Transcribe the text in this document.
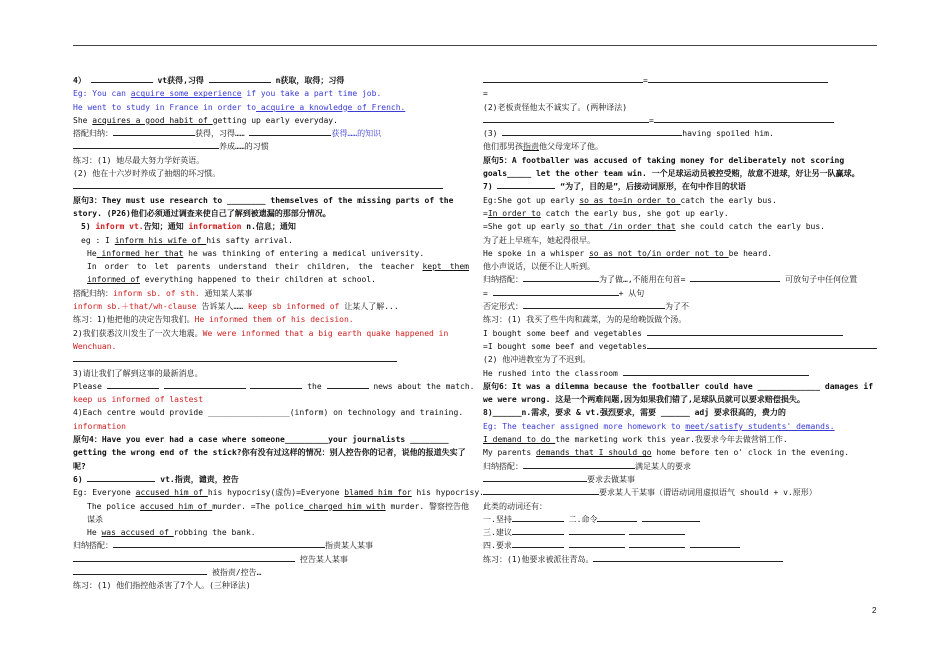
4）	vt获得,习得	n获取，取得；习得
Eg: You can acquire some experience if you take a part time job.
He went to study in France in order to acquire a knowledge of French.
She acquires a good habit of getting up early everyday.
搭配归纳：	获得，习得……	获得……的知识
养成……的习惯
练习：(1) 她尽最大努力学好英语。
(2) 他在十六岁时养成了抽烟的坏习惯。
原句3：They must use research to ________ themselves of the missing parts of the story. (P26)他们必须通过调查来使自己了解到被遗漏的那部分情况。
5) inform vt.告知；通知 information n.信息；通知
eg : I inform his wife of his safty arrival.
He informed her that he was thinking of entering a medical university.
In order to let parents understand their children, the teacher kept them informed of everything happened to their children at school.
搭配归纳：inform sb. of sth. 通知某人某事
inform sb.＋that/wh-clause 告诉某人…… keep sb informed of 让某人了解...
练习：1)他把他的决定告知我们。He informed them of his decision.
2)我们获悉汶川发生了一次大地震。We were informed that a big earth quake happened in Wenchuan.
3)请让我们了解到这事的最新消息。
Please	the	news about the match.
keep us informed of lastest
4)Each centre would provide _________________(inform) on technology and training.
information
原句4：Have you ever had a case where someone_________your journalists ________ getting the wrong end of the stick?你有没有过这样的情况：别人控告你的记者，说他的报道失实了呢?
6)	vt.指责，谴责，控告
Eg: Everyone accused him of his hypocrisy(虚伪)=Everyone blamed him for his hypocrisy.
The police accused him of murder. =The police charged him with murder. 警察控告他谋杀
He was accused of robbing the bank.
归纳搭配：	指责某人某事
控告某人某事
被指责/控告…
练习：(1) 他们指控他杀害了7个人。(三种译法)
=
=
(2)老板责怪他太不诚实了。(两种译法)
=
(3)	having spoiled him.
他们那男孩指责他父母宠坏了他。
原句5：A footballer was accused of taking money for deliberately not scoring goals_____ let the other team win. 一个足球运动员被控受贿，故意不进球，好让另一队赢球。
7)	“为了，目的是”，后接动词原形，在句中作目的状语
Eg:She got up early so as to=in order to catch the early bus.
=In order to catch the early bus, she got up early.
=She got up early so that /in order that she could catch the early bus.
为了赶上早班车，她起得很早。
He spoke in a whisper so as not to/in order not to be heard.
他小声说话，以便不让人听到。
归纳搭配：	为了做…,不能用在句首=	可放句子中任何位置
=	+ 从句
否定形式：	为了不
练习：(1) 我买了些牛肉和蔬菜，为的是给晚饭做个汤。
I bought some beef and vegetables
=I bought some beef and vegetables
(2) 他冲进教室为了不迟到。
He rushed into the classroom
原句6：It was a dilemma because the footballer could have _____________ damages if we were wrong. 这是一个两难问题,因为如果我们错了,足球队员就可以要求赔偿损失。
8)______n.需求，要求 & vt.强烈要求，需要 ______ adj 要求很高的，费力的
Eg: The teacher assigned more homework to meet/satisfy students' demands.
I demand to do the marketing work this year.我要求今年去做营销工作.
My parents demands that I should go home before ten o' clock in the evening.
归纳搭配：	满足某人的要求
要求去做某事
要求某人干某事（谓语动词用虚拟语气 should + v.原形）
此类的动词还有：
一.坚持	二.命令
三.建议
四.要求
练习：(1)他要求被派往青岛。
2
